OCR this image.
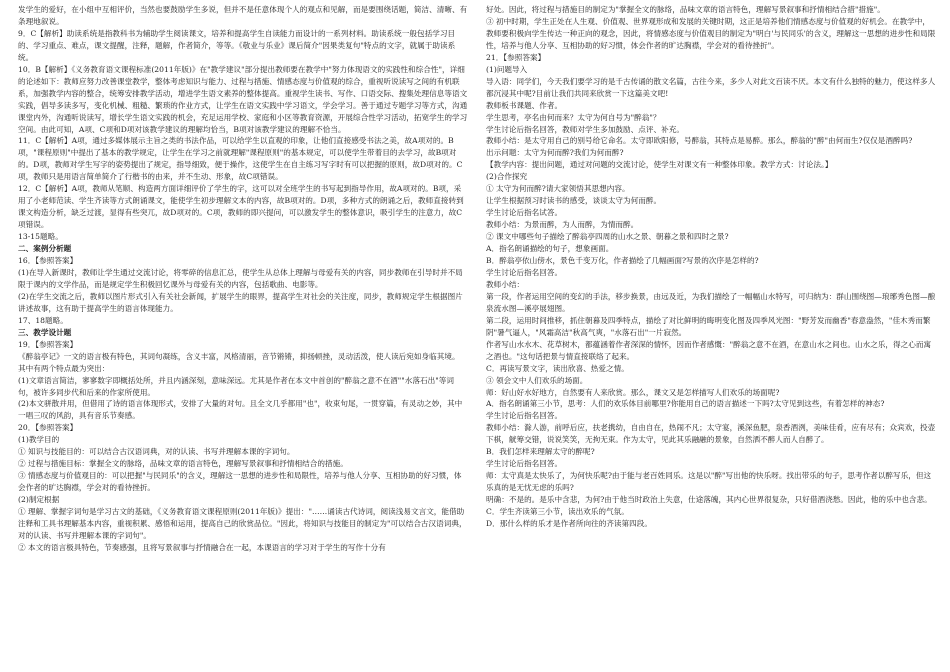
发学生的爱好，在小组中互相评价，当然也要鼓励学生多说，但并不是任意体现个人的观点和见解，而是要围绕话题，简洁、清晰、有条理地叙说。

9．C【解析】助读系统是指教科书为辅助学生阅读课文，培养和提高学生自读能力而设计的一系列材料。助读系统一般包括学习目的、学习重点、难点，课文提醒，注释，题解，作者简介，等等。《敬业与乐业》课后简介"因果类复句"特点的文字，就属于助读系统。

10．B【解析】《义务教育语文课程标准(2011年版)》在"教学建议"部分提出教师要在教学中"努力体现语文的实践性和综合性"，详细的论述如下：教师应努力改善课堂教学，整体考虑知识与能力、过程与措施、情感态度与价值观的综合，重视听说读写之间的有机联系，加强教学内容的整合，统筹安排教学活动，增进学生语文素养的整体提高。重视学生读书、写作、口语交际、搜集处理信息等语文实践，倡导多读多写，变化机械、粗糙、繁琐的作业方式，让学生在语文实践中学习语文，学会学习。善于通过专题学习等方式，沟通课堂内外，沟通听说读写，增长学生语文实践的机会，充足运用学校、家庭和小区等教育资源，开展综合性学习活动，拓宽学生的学习空间。由此可知，A项、C项和D项对该教学建议的理解均恰当，B项对该教学建议的理解不恰当。

11．C【解析】A项，通过多媒体展示主旨之类的书法作品，可以给学生以直观的印象，让他们直接感受书法之美，故A项对的。B项，"课程原则"中提出了基本的教学规定，让学生在学习之前就理解"课程原则"的基本规定，可以使学生带着目的去学习，故B项对的。D项，教师对学生写字的姿势提出了规定，指导细致，便于操作，这使学生在自主练习写字时有可以把握的原则，故D项对的。C项，教师只是用语言简单简介了行楷书的由来，并不生动、形象，故C项错误。

12．C【解析】A项，教师从笔顺、构造两方面详细评价了学生的字，这可以对全班学生的书写起到指导作用，故A项对的。B项，采用了小老师范读、学生齐读等方式朗诵课文，能使学生初步理解文本的内容，故B项对的。D项，多种方式的朗诵之后，教师直接转到课文构造分析，缺乏过渡，显得有些突兀，故D项对的。C项，教师的即兴提问，可以激发学生的整体意识，吸引学生的注意力，故C项错误。

13-15题略。

二、案例分析题

16．【参照答案】

(1)在导入新课时，教师让学生通过交流讨论，将零碎的信息汇总，使学生从总体上理解与母爱有关的内容，同步教师在引导时并不局限于课内的文学作品，而是规定学生积极回忆课外与母爱有关的内容，包括歌曲、电影等。

(2)在学生交流之后，教师以图片形式引入有关社会新闻，扩展学生的眼界，提高学生对社会的关注度，同步，教师规定学生根据图片讲述故事，这有助于提高学生的语言体现能力。

17、18题略。

三、教学设计题

19．【参照答案】

《醉翁亭记》一文的语言极有特色，其词句凝练，含义丰富，风格清丽，音节锵锵，抑扬顿挫，灵动活泼，使人读后宛如身临其境。

其中有两个特点最为突出：

(1)文章语言简洁，寥寥数字即概括处所，并且内涵深刻，意味深远。尤其是作者在本文中首创的"醉翁之意不在酒""水落石出"等词句，被许多同步代和后来的作家所使用。

(2)本文骈散并用，但借用了诗的语言体现形式，安排了大量的对句。且全文几乎都用"也"，收束句尾，一贯穿篇，有灵动之妙，其中一唱三叹的风韵，具有音乐节奏感。

20．【参照答案】

(1)教学目的

① 知识与技能目的：可以结合古汉语词典，对的认读、书写并理解本课的字词句。

② 过程与措施目标：掌握全文的脉络，品味文章的语言特色，理解写景叙事和抒情相结合的措施。

③ 情感态度与价值观目的：可以把握"与民同乐"的含义，理解这一思想的进步性和局限性，培养与他人分享、互相协助的好习惯，体会作者的旷达胸襟，学会对的看待挫折。

(2)制定根据

① 理解、掌握字词句是学习古文的基础，《义务教育语文课程原则(2011年版)》提出："……诵读古代诗词，阅读浅易文言文，能借助注释和工具书理解基本内容，重视积累、感悟和运用，提高自己的欣赏品位。"因此，将知识与技能目的制定为"可以结合古汉语词典，对的认读、书写并理解本课的字词句"。

② 本文的语言极具特色，节奏感强，且将写景叙事与抒情融合在一起，本课语言的学习对于学生的写作十分有

好处。因此，将过程与措施目的制定为"掌握全文的脉络，品味文章的语言特色，理解写景叙事和抒情相结合措"措施"。

③ 初中时期，学生正处在人生观、价值观、世界观形成和发展的关键时期，这正是培养他们情感态度与价值观的好机会。在教学中，教师要积极向学生传达一种正向的观念，因此，将情感态度与价值观目的制定为"明白'与民同乐'的含义，理解这一思想的进步性和局限性，培养与他人分享、互相协助的好习惯，体会作者的旷达胸襟，学会对的看待挫折"。

21．【参照答案】

(1)问题导入

导入语：同学们，今天我们要学习的是千古传诵的散文名篇，古往今来，多少人对此文百读不厌。本文有什么独特的魅力，使这样多人都沉浸其中呢?目前让我们共同来欣赏一下这篇美文吧!

教师板书课题、作者。

学生思考，亭名由何而来？太守为何自号为"醉翁"？

学生讨论后指名回答，教师对学生多加鼓励、点评、补充。

教师小结：是太守用自己的别号给它命名。太守即欧阳修，号醉翁，其特点是易醉。那么，醉翁的"醉"由何而生?仅仅是酒醉吗?

出示问题：太守为何而醉?我们为何而醉?

【教学内容：提出问题，通过对问题的交流讨论，使学生对课文有一种整体印象。教学方式：讨论法。】

(2)合作探究

① 太守为何而醉?请大家领悟其思想内容。

让学生根据预习时读书的感受，谈谈太守为何而醉。

学生讨论后指名试答。

教师小结：为景而醉，为人而醉，为情而醉。

② 课文中哪些句子描绘了醉翁亭四周的山水之景、朝暮之景和四时之景?

A．指名朗诵描绘的句子，想象画面。

B．醉翁亭依山傍水，景色千变万化，作者描绘了几幅画面?写景的次序是怎样的?

学生讨论后指名回答。

教师小结：

第一段，作者运用空间的变幻的手法，移步换景，由远及近，为我们描绘了一幅幅山水特写，可归纳为：群山围绕图—琅琊秀色图—酿泉流水图—溪亭展翅图。

第二段，运用时间推移，抓住朝暮及四季特点，描绘了对比鲜明的晦明变化图及四季风光图："野芳发而幽香"春意盎然，"佳木秀而繁阴"暑气逼人，"风霜高洁"秋高气爽，"水落石出"一片寂然。

作者写山水水木、花草树木，都蕴涵着作者深深的情怀，因而作者感慨："醉翁之意不在酒，在意山水之间也。山水之乐，得之心而寓之酒也。"这句话把景与情直接联络了起来。

C．再读写景文字，读出欣喜、热爱之情。

③ 领会文中人们欢乐的场面。

师：好山好水好地方，自然要有人来欣赏。那么，课文又是怎样描写人们欢乐的场面呢?

A．指名朗诵第三小节，思考：人们的欢乐体目前哪里?你能用自己的语言描述一下吗?太守见到这些，有着怎样的神态?

学生讨论后指名回答。

教师小结：滁人游，前呼后应，扶老携幼，自由自在，热闹不凡；太守宴，溪深鱼肥，泉香酒洌，美味佳肴，应有尽有；众宾欢，投壶下棋，觥筹交错，说说笑笑，无拘无束。作为太守，见此其乐融融的景象，自然洒不醉人而人自醉了。

B．我们怎样来理解太守的醉呢?

学生讨论后指名回答。

师：太守真是太快乐了，为何快乐呢?由于能与老百姓同乐。这是以"醉"写出他的快乐呀。找出带乐的句子，思考作者以醉写乐，但这乐真的是无忧无虑的乐吗?

明确：不是的。是乐中含悲，为何?由于他当时政治上失意，仕途落魄，其内心世界很复杂，只好借酒浇愁。因此，他的乐中也含悲。

C．学生齐读第三小节，读出欢乐的气氛。

D．那什么样的乐才是作者所向往的齐读第四段。
